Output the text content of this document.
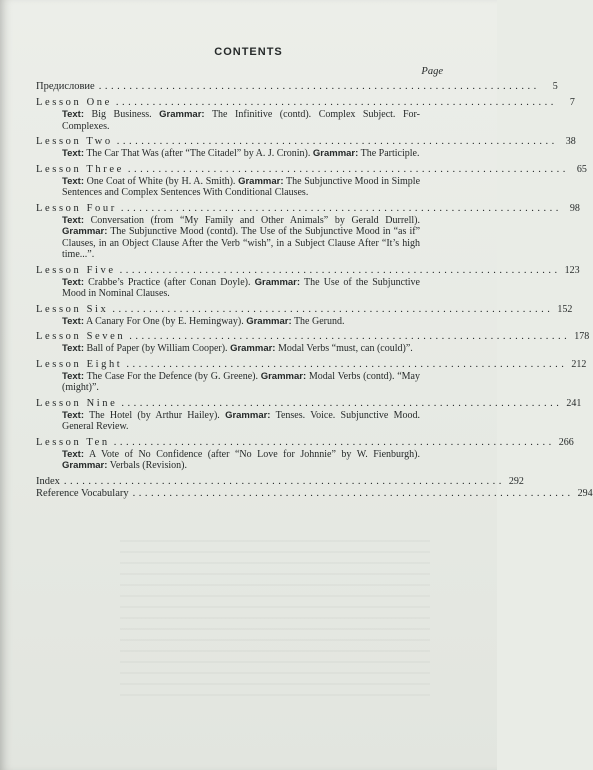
CONTENTS
Page
Предисловие ........................................................................	5
Lesson One ........................................................................	7
Text: Big Business. Grammar: The Infinitive (contd). Complex Subject. For-Complexes.
Lesson Two ........................................................................ 38
Text: The Car That Was (after “The Citadel” by A. J. Cronin). Grammar: The Participle.
Lesson Three ........................................................................ 65
Text: One Coat of White (by H. A. Smith). Grammar: The Subjunctive Mood in Simple Sentences and Complex Sentences With Conditional Clauses.
Lesson Four ........................................................................ 98
Text: Conversation (from “My Family and Other Animals” by Gerald Durrell). Grammar: The Subjunctive Mood (contd). The Use of the Subjunctive Mood in “as if” Clauses, in an Object Clause After the Verb “wish”, in a Subject Clause After “It’s high time...”.
Lesson Five ........................................................................ 123
Text: Crabbe’s Practice (after Conan Doyle). Grammar: The Use of the Subjunctive Mood in Nominal Clauses.
Lesson Six ........................................................................ 152
Text: A Canary For One (by E. Hemingway). Grammar: The Gerund.
Lesson Seven ........................................................................ 178
Text: Ball of Paper (by William Cooper). Grammar: Modal Verbs “must, can (could)”.
Lesson Eight ........................................................................ 212
Text: The Case For the Defence (by G. Greene). Grammar: Modal Verbs (contd). “May (might)”.
Lesson Nine ........................................................................ 241
Text: The Hotel (by Arthur Hailey). Grammar: Tenses. Voice. Subjunctive Mood. General Review.
Lesson Ten ........................................................................ 266
Text: A Vote of No Confidence (after “No Love for Johnnie” by W. Fienburgh). Grammar: Verbals (Revision).
Index ........................................................................ 292
Reference Vocabulary ........................................................................ 294
